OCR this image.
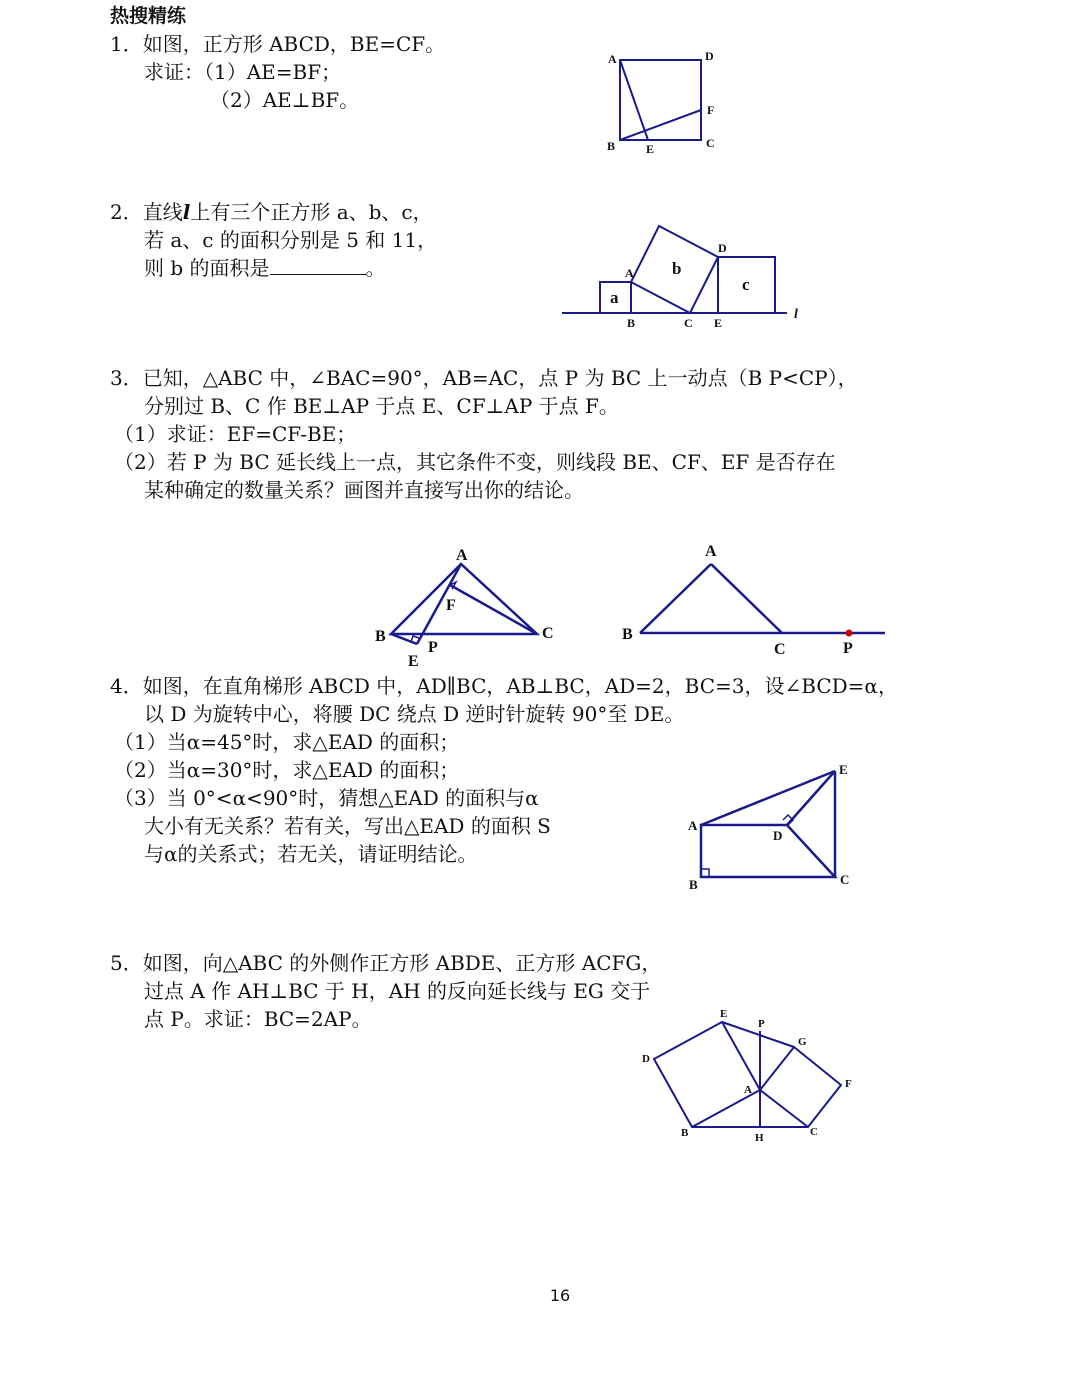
热搜精练
1．如图，正方形 ABCD，BE=CF。
求证：（1）AE=BF；
（2）AE⊥BF。
A	D
F
B	E	C
2．直线l上有三个正方形 a、b、c，
若 a、c 的面积分别是 5 和 11，
则 b 的面积是	。	A
D
B	C E
a
b
c
l
3．已知，△ABC 中，∠BAC=90°，AB=AC，点 P 为 BC 上一动点（B P<CP），
分别过 B、C 作 BE⊥AP 于点 E、CF⊥AP 于点 F。
（1）求证：EF=CF-BE；
（2）若 P 为 BC 延长线上一点，其它条件不变，则线段 BE、CF、EF 是否存在
某种确定的数量关系？画图并直接写出你的结论。
A
B	C
F
P
E
A
B
C	P
4．如图，在直角梯形 ABCD 中，AD∥BC，AB⊥BC，AD=2，BC=3，设∠BCD=α，
以 D 为旋转中心，将腰 DC 绕点 D 逆时针旋转 90°至 DE。
（1）当α=45°时，求△EAD 的面积；
（2）当α=30°时，求△EAD 的面积；
（3）当 0°<α<90°时，猜想△EAD 的面积与α
大小有无关系？若有关，写出△EAD 的面积 S
与α的关系式；若无关，请证明结论。
E
A
D
B	C
5．如图，向△ABC 的外侧作正方形 ABDE、正方形 ACFG，
过点 A 作 AH⊥BC 于 H，AH 的反向延长线与 EG 交于
点 P。求证：BC=2AP。	E
P
G
D
F
A
B	H	C
16
